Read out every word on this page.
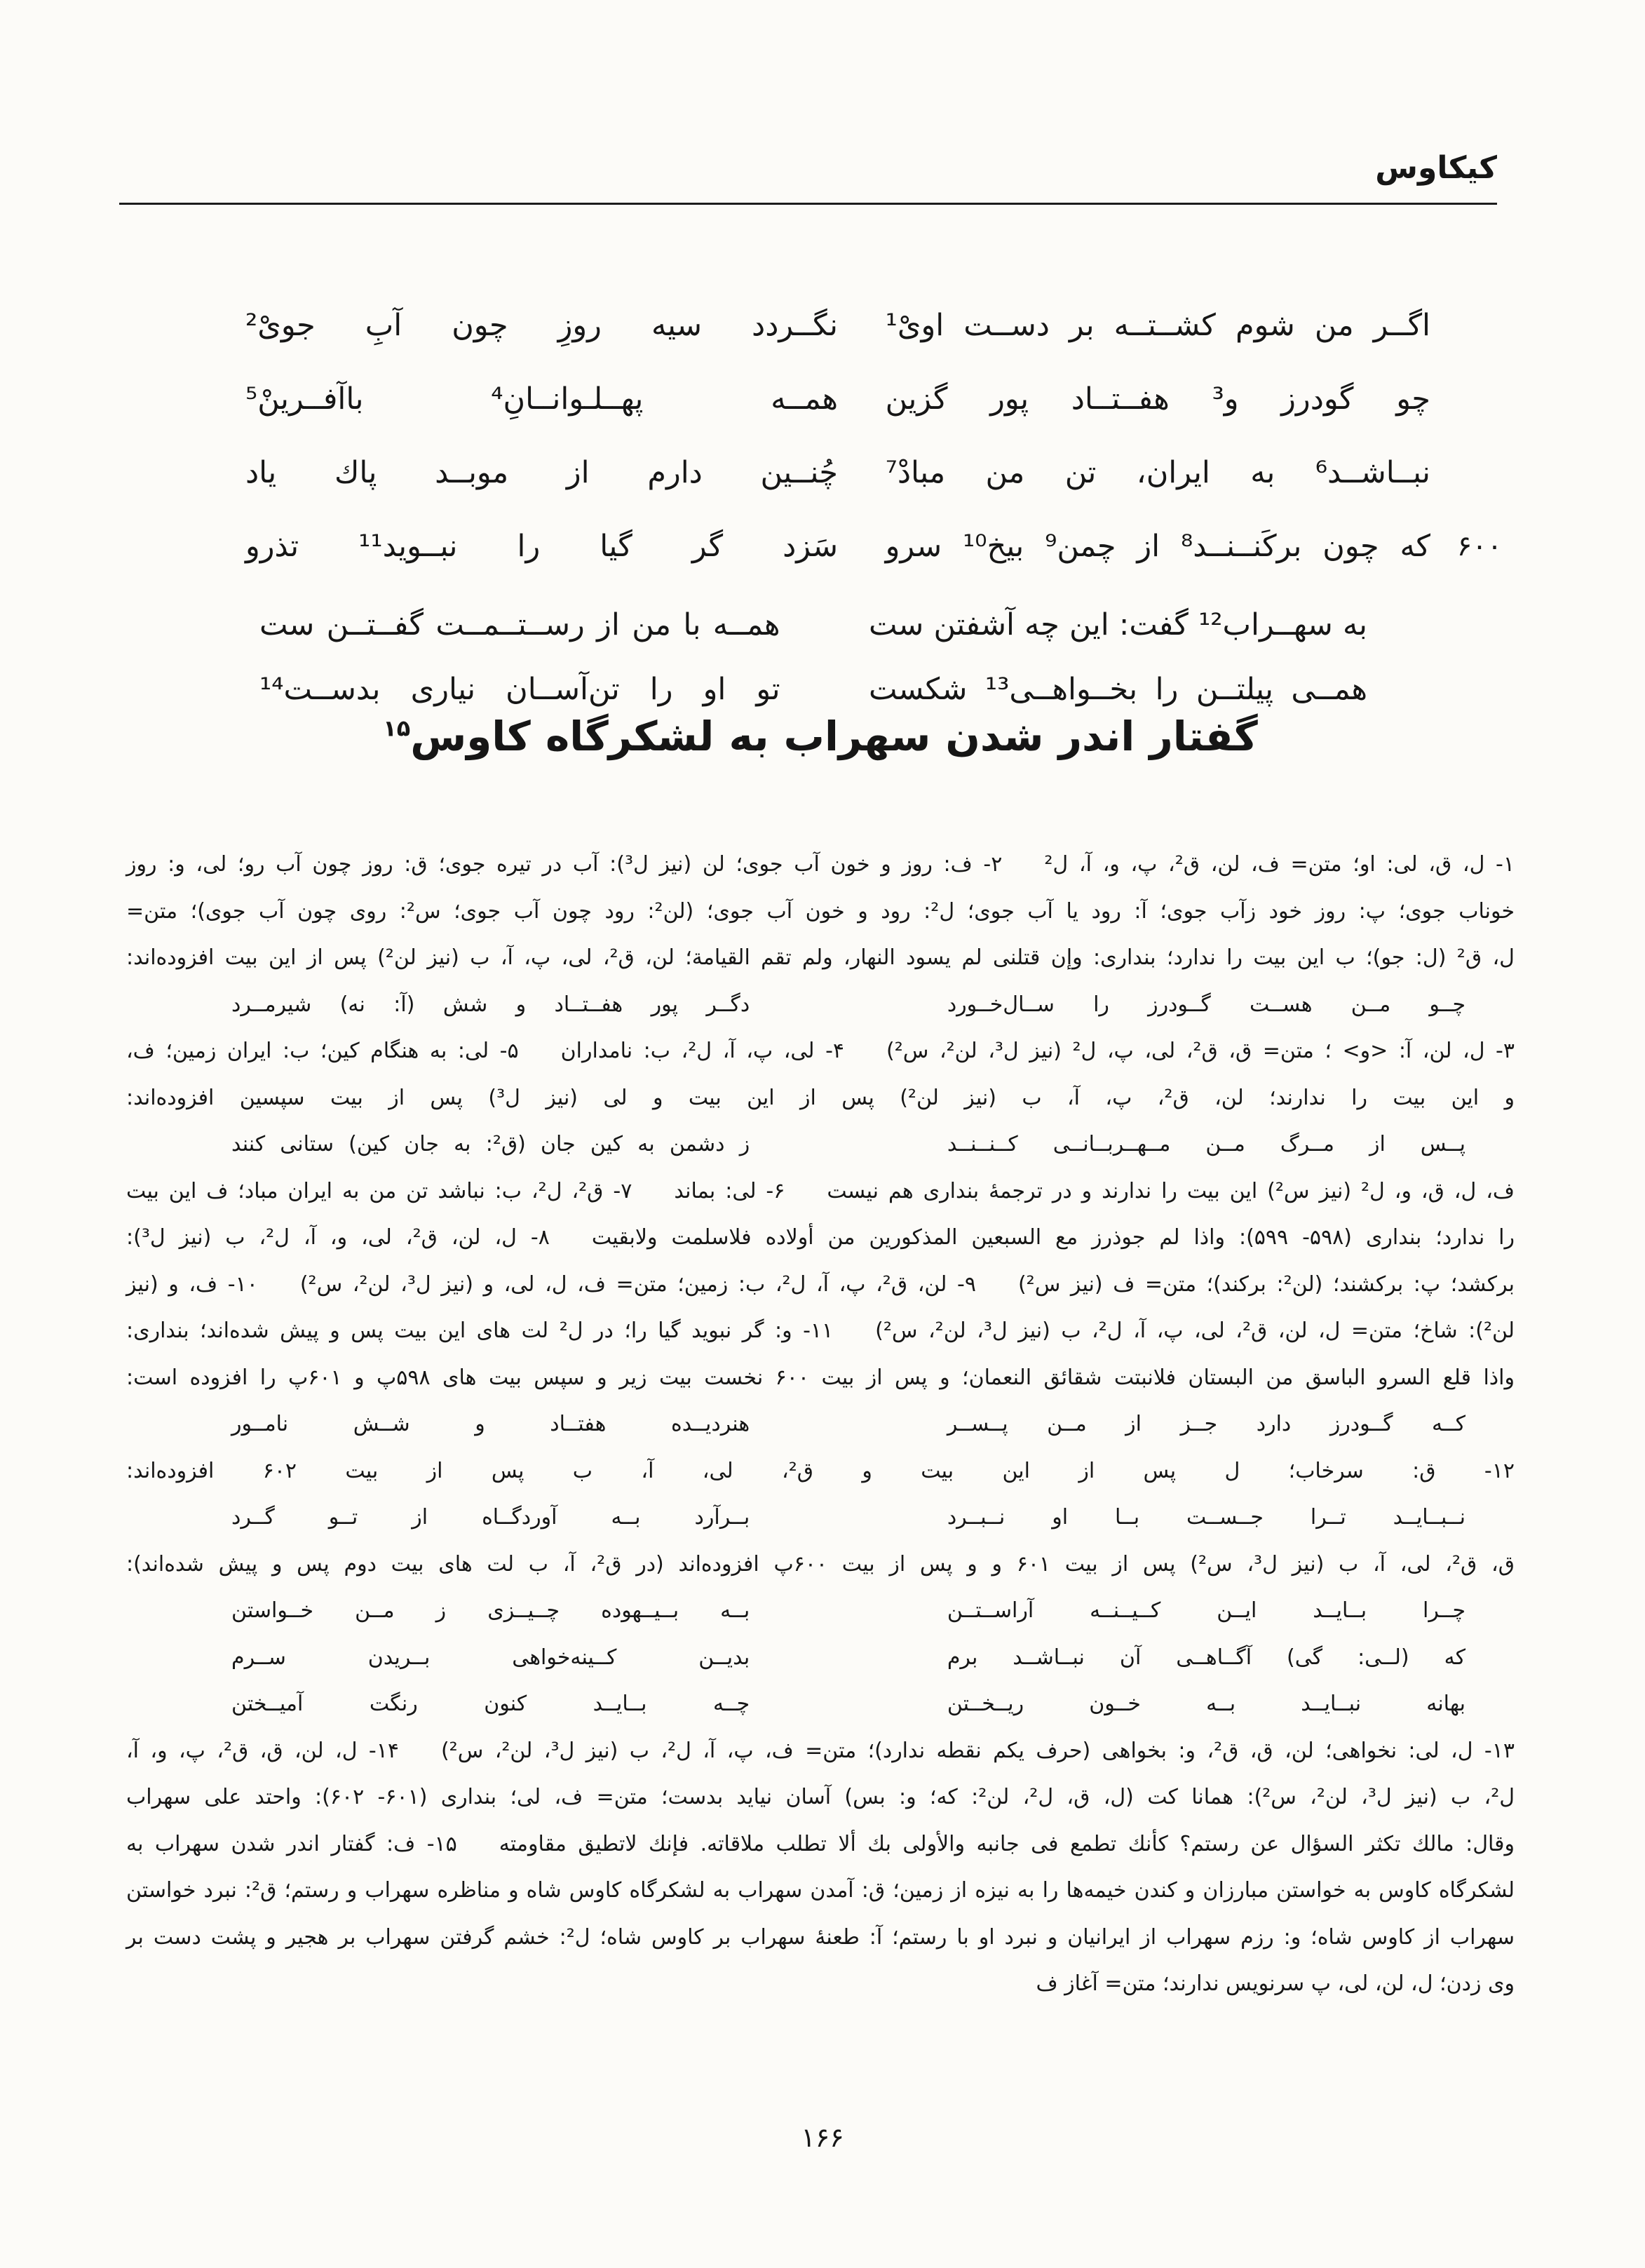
کیکاوس
اگــر من شوم کشــتــه بر دســت اویْ¹
نگــردد سیه روزِ چون آبِ جویْ²
چو گودرز و³ هفــتــاد پور گزین
همــه پهــلـوانــانِ⁴ باآفــرینْ⁵
نبــاشــد⁶ به ایران، تن من مبادْ⁷
چُنــین دارم از موبــد پاك یاد
۶۰۰
که چون برکَنــنــد⁸ از چمن⁹ بیخ¹⁰ سرو
سَزد گر گیا را نبــوید¹¹ تذرو
به سهــراب¹² گفت: این چه آشفتن ست
همــه با من از رســتــمــت گفــتــن ست
همــی پیلتــن را بخــواهــی¹³ شکست
تو او را تن‌آســان نیاری بدســت¹⁴
گفتار اندر شدن سهراب به لشکرگاه کاوس$^{۱۵}$
۱- ل، ق، لی: او؛ متن= ف، لن، ق²، پ، و، آ، ل²  ۲- ف: روز و خون آب جوی؛ لن (نیز ل³): آب در تیره جوی؛ ق: روز چون آب رو؛ لی، و: روز
خوناب جوی؛ پ: روز خود زآب جوی؛ آ: رود یا آب جوی؛ ل²: رود و خون آب جوی؛ (لن²: رود چون آب جوی؛ س²: روی چون آب جوی)؛ متن=
ل، ق² (ل: جو)؛ ب این بیت را ندارد؛ بنداری: وإن قتلنی لم یسود النهار، ولم تقم القیامة؛ لن، ق²، لی، پ، آ، ب (نیز لن²) پس از این بیت افزوده‌اند:
چــو مــن هســت گــودرز را ســال‌خــورد
دگــر پور هفــتــاد و شش (آ: نه) شیرمــرد
۳- ل، لن، آ: <و> ؛ متن= ق، ق²، لی، پ، ل² (نیز ل³، لن²، س²)  ۴- لی، پ، آ، ل²، ب: نامداران  ۵- لی: به هنگام کین؛ ب: ایران زمین؛ ف،
و این بیت را ندارند؛ لن، ق²، پ، آ، ب (نیز لن²) پس از این بیت و لی (نیز ل³) پس از بیت سپسین افزوده‌اند:
پــس از مــرگ مــن مــهــربــانــی کــنــنــد
ز دشمن به کین جان (ق²: به جان کین) ستانی کنند
ف، ل، ق، و، ل² (نیز س²) این بیت را ندارند و در ترجمهٔ بنداری هم نیست  ۶- لی: بماند  ۷- ق²، ل²، ب: نباشد تن من به ایران مباد؛ ف این بیت
را ندارد؛ بنداری (۵۹۸- ۵۹۹): واذا لم جوذرز مع السبعین المذکورین من أولاده فلاسلمت ولابقیت  ۸- ل، لن، ق²، لی، و، آ، ل²، ب (نیز ل³):
برکشد؛ پ: برکشند؛ (لن²: برکند)؛ متن= ف (نیز س²)  ۹- لن، ق²، پ، آ، ل²، ب: زمین؛ متن= ف، ل، لی، و (نیز ل³، لن²، س²)  ۱۰- ف، و (نیز
لن²): شاخ؛ متن= ل، لن، ق²، لی، پ، آ، ل²، ب (نیز ل³، لن²، س²)  ۱۱- و: گر نبوید گیا را؛ در ل² لت های این بیت پس و پیش شده‌اند؛ بنداری:
واذا قلع السرو الباسق من البستان فلانبتت شقائق النعمان؛ و پس از بیت ۶۰۰ نخست بیت زیر و سپس بیت های ۵۹۸پ و ۶۰۱پ را افزوده است:
کــه گــودرز دارد جــز از مــن پــســر
هنردیــده هفتــاد و شــش نامــور
۱۲- ق: سرخاب؛ ل پس از این بیت و ق²، لی، آ، ب پس از بیت ۶۰۲ افزوده‌اند:
نــبــایــد تــرا جــســت بــا او نــبــرد
بــرآرد بــه آوردگــاه از تــو گــرد
ق، ق²، لی، آ، ب (نیز ل³، س²) پس از بیت ۶۰۱ و و پس از بیت ۶۰۰پ افزوده‌اند (در ق²، آ، ب لت های بیت دوم پس و پیش شده‌اند):
چــرا بــایــد ایــن کــیــنــه آراســتــن
بــه بــیــهوده چــیــزی ز مــن خــواستن
که (لــی: گی) آگــاهــی آن نبــاشــد برم
بدیــن کــینه‌خواهی بــریدن ســرم
بهانه نبــایــد بــه خــون ریــخــتن
چــه بــایــد کنون رنگت آمیــختن
۱۳- ل، لی: نخواهی؛ لن، ق، ق²، و: بخواهی (حرف یکم نقطه ندارد)؛ متن= ف، پ، آ، ل²، ب (نیز ل³، لن²، س²)  ۱۴- ل، لن، ق، ق²، پ، و، آ،
ل²، ب (نیز ل³، لن²، س²): همانا کت (ل، ق، ل²، لن²: که؛ و: بس) آسان نیاید بدست؛ متن= ف، لی؛ بنداری (۶۰۱- ۶۰۲): واحتد علی سهراب
وقال: مالك تكثر السؤال عن رستم؟ كأنك تطمع فى جانبه والأولى بك ألا تطلب ملاقاته. فإنك لاتطیق مقاومته  ۱۵- ف: گفتار اندر شدن سهراب به
لشکرگاه کاوس به خواستن مبارزان و کندن خیمه‌ها را به نیزه از زمین؛ ق: آمدن سهراب به لشکرگاه کاوس شاه و مناظره سهراب و رستم؛ ق²: نبرد خواستن
سهراب از کاوس شاه؛ و: رزم سهراب از ایرانیان و نبرد او با رستم؛ آ: طعنهٔ سهراب بر کاوس شاه؛ ل²: خشم گرفتن سهراب بر هجیر و پشت دست بر
وی زدن؛ ل، لن، لی، پ سرنویس ندارند؛ متن= آغاز ف
۱۶۶
